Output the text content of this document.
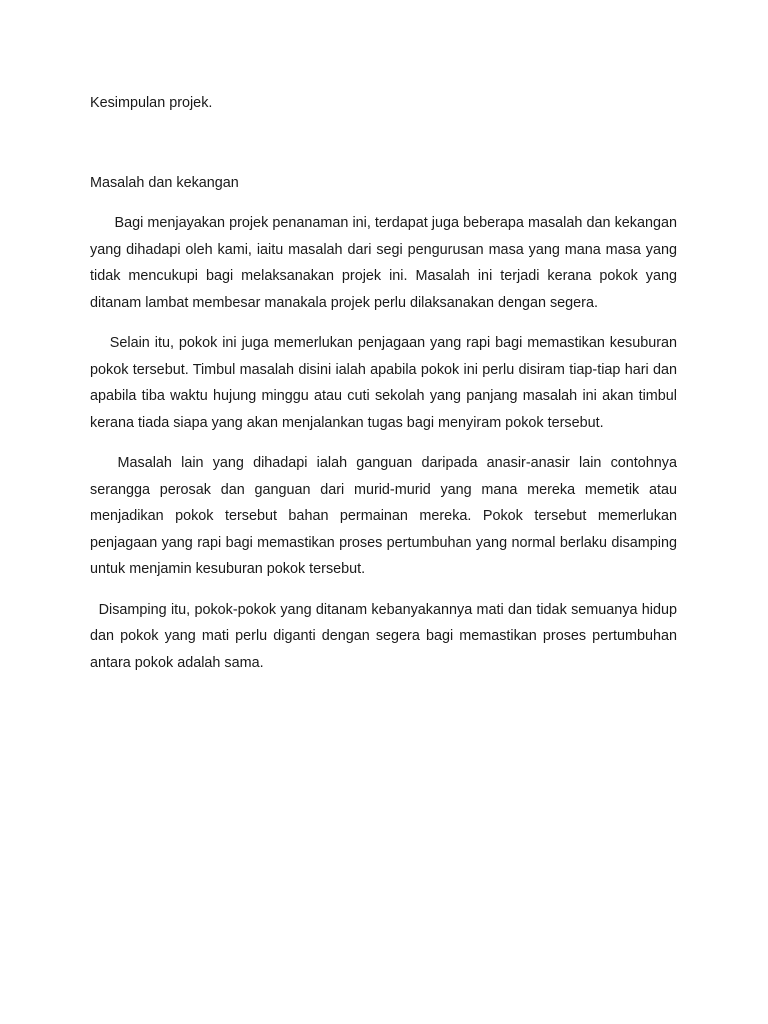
Kesimpulan projek.

Masalah dan kekangan

Bagi menjayakan projek penanaman ini, terdapat juga beberapa masalah dan kekangan yang dihadapi oleh kami, iaitu masalah dari segi pengurusan masa yang mana masa yang tidak mencukupi bagi melaksanakan projek ini. Masalah ini terjadi kerana pokok yang ditanam lambat membesar manakala projek perlu dilaksanakan dengan segera.

Selain itu, pokok ini juga memerlukan penjagaan yang rapi bagi memastikan kesuburan pokok tersebut. Timbul masalah disini ialah apabila pokok ini perlu disiram tiap-tiap hari dan apabila tiba waktu hujung minggu atau cuti sekolah yang panjang masalah ini akan timbul kerana tiada siapa yang akan menjalankan tugas bagi menyiram pokok tersebut.

Masalah lain yang dihadapi ialah ganguan daripada anasir-anasir lain contohnya serangga perosak dan ganguan dari murid-murid yang mana mereka memetik atau menjadikan pokok tersebut bahan permainan mereka. Pokok tersebut memerlukan penjagaan yang rapi bagi memastikan proses pertumbuhan yang normal berlaku disamping untuk menjamin kesuburan pokok tersebut.

Disamping itu, pokok-pokok yang ditanam kebanyakannya mati dan tidak semuanya hidup dan pokok yang mati perlu diganti dengan segera bagi memastikan proses pertumbuhan antara pokok adalah sama.
